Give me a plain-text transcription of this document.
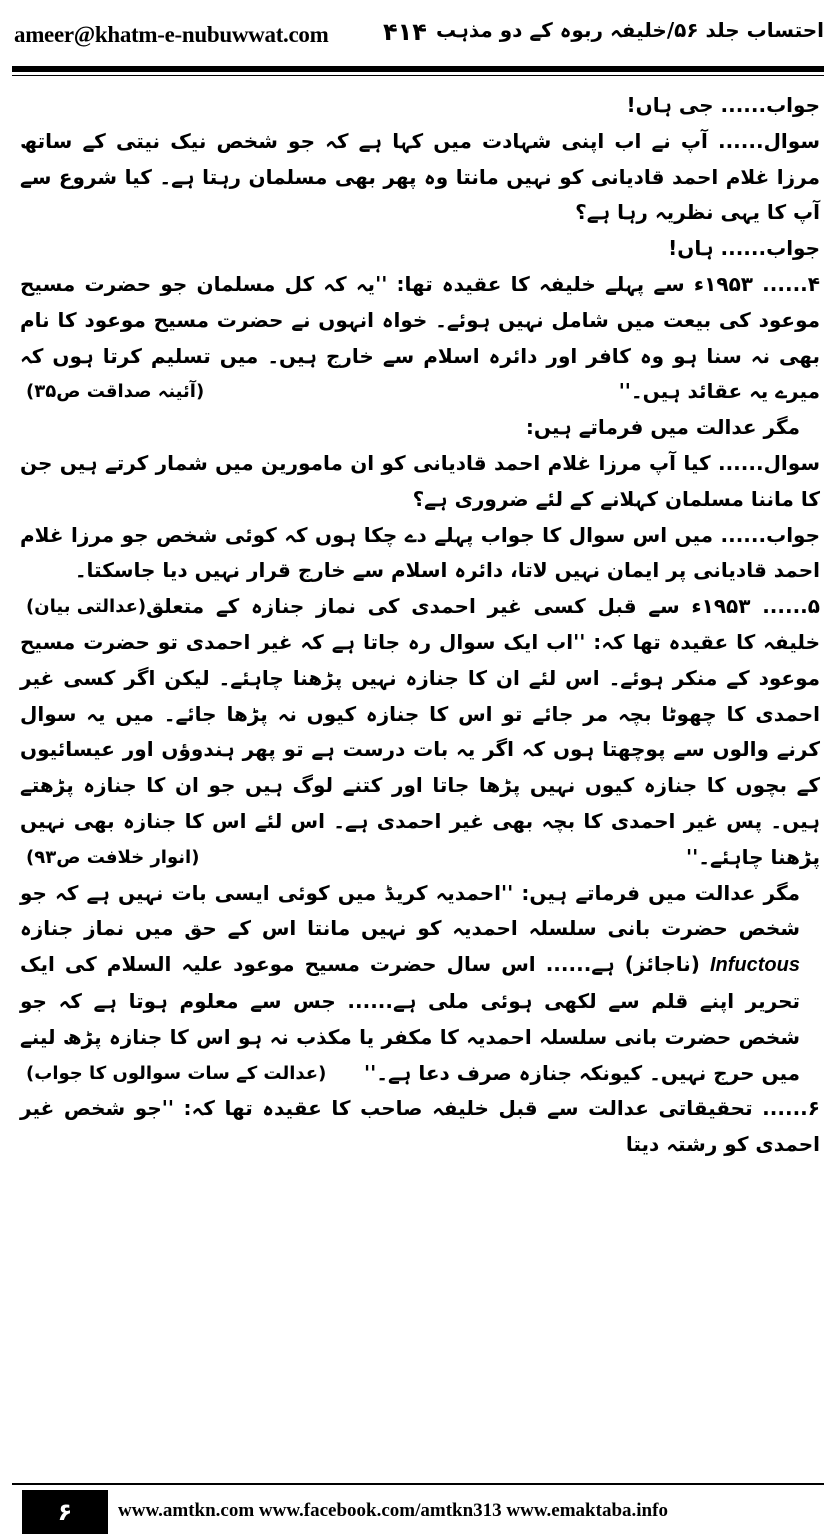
ameer@khatm-e-nubuwwat.com ۴۱۴ احتساب جلد ۵۶/خلیفہ ربوہ کے دو مذہب

جواب...... جی ہاں!

سوال...... آپ نے اب اپنی شہادت میں کہا ہے کہ جو شخص نیک نیتی کے ساتھ مرزا غلام احمد قادیانی کو نہیں مانتا وہ پھر بھی مسلمان رہتا ہے۔ کیا شروع سے آپ کا یہی نظریہ رہا ہے؟

جواب...... ہاں!

۴...... ۱۹۵۳ء سے پہلے خلیفہ کا عقیدہ تھا: ''یہ کہ کل مسلمان جو حضرت مسیح موعود کی بیعت میں شامل نہیں ہوئے۔ خواہ انہوں نے حضرت مسیح موعود کا نام بھی نہ سنا ہو وہ کافر اور دائرہ اسلام سے خارج ہیں۔ میں تسلیم کرتا ہوں کہ میرے یہ عقائد ہیں۔''
(آئینہ صداقت ص۳۵)

مگر عدالت میں فرماتے ہیں:

سوال...... کیا آپ مرزا غلام احمد قادیانی کو ان مامورین میں شمار کرتے ہیں جن کا ماننا مسلمان کہلانے کے لئے ضروری ہے؟

جواب...... میں اس سوال کا جواب پہلے دے چکا ہوں کہ کوئی شخص جو مرزا غلام احمد قادیانی پر ایمان نہیں لاتا، دائرہ اسلام سے خارج قرار نہیں دیا جاسکتا۔
(عدالتی بیان) ۵...... ۱۹۵۳ء سے قبل کسی غیر احمدی کی نماز جنازہ کے متعلق خلیفہ کا عقیدہ تھا کہ: ''اب ایک سوال رہ جاتا ہے کہ غیر احمدی تو حضرت مسیح موعود کے منکر ہوئے۔ اس لئے ان کا جنازہ نہیں پڑھنا چاہئے۔ لیکن اگر کسی غیر احمدی کا چھوٹا بچہ مر جائے تو اس کا جنازہ کیوں نہ پڑھا جائے۔ میں یہ سوال کرنے والوں سے پوچھتا ہوں کہ اگر یہ بات درست ہے تو پھر ہندوؤں اور عیسائیوں کے بچوں کا جنازہ کیوں نہیں پڑھا جاتا اور کتنے لوگ ہیں جو ان کا جنازہ پڑھتے ہیں۔ پس غیر احمدی کا بچہ بھی غیر احمدی ہے۔ اس لئے اس کا جنازہ بھی نہیں پڑھنا چاہئے۔''
(انوار خلافت ص۹۳)

مگر عدالت میں فرماتے ہیں: ''احمدیہ کریڈ میں کوئی ایسی بات نہیں ہے کہ جو شخص حضرت بانی سلسلہ احمدیہ کو نہیں مانتا اس کے حق میں نماز جنازہ Infuctous (ناجائز) ہے...... اس سال حضرت مسیح موعود علیہ السلام کی ایک تحریر اپنے قلم سے لکھی ہوئی ملی ہے...... جس سے معلوم ہوتا ہے کہ جو شخص حضرت بانی سلسلہ احمدیہ کا مکفر یا مکذب نہ ہو اس کا جنازہ پڑھ لینے میں حرج نہیں۔ کیونکہ جنازہ صرف دعا ہے۔''
(عدالت کے سات سوالوں کا جواب)

۶...... تحقیقاتی عدالت سے قبل خلیفہ صاحب کا عقیدہ تھا کہ: ''جو شخص غیر احمدی کو رشتہ دیتا

۶	www.amtkn.com www.facebook.com/amtkn313 www.emaktaba.info
